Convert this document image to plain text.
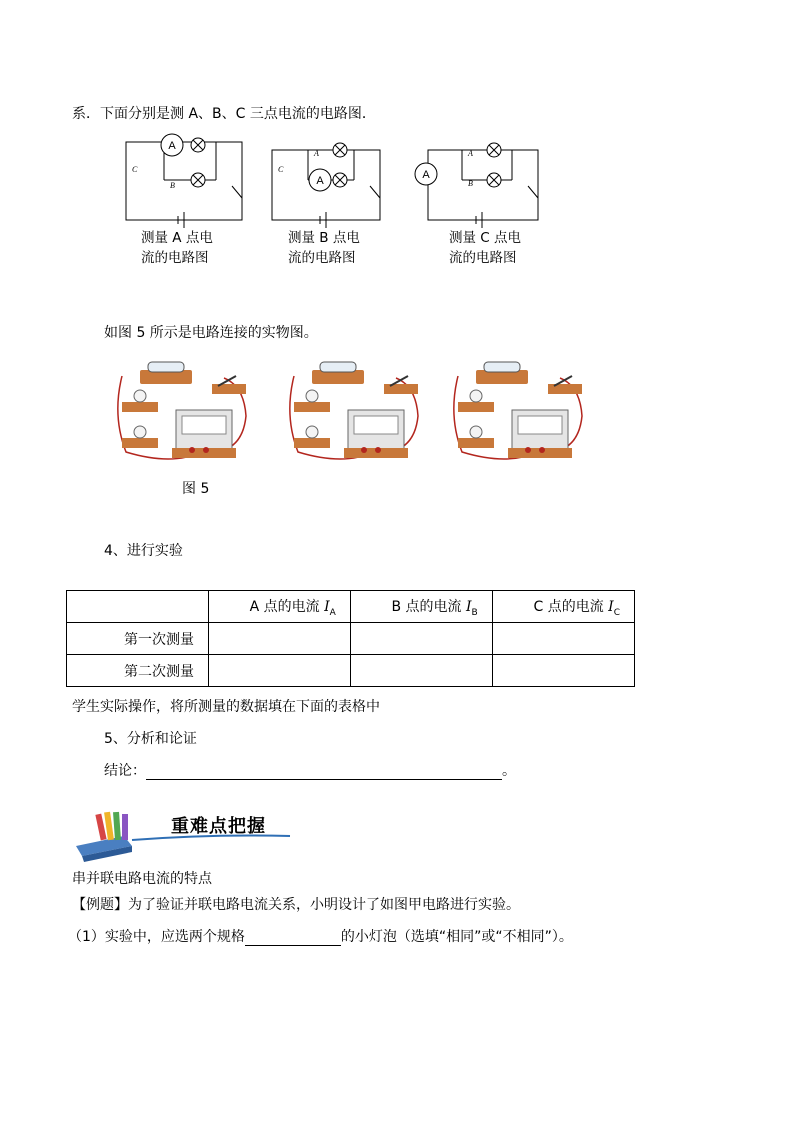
系．下面分别是测 A、B、C 三点电流的电路图．
A
A	A
C
B
C
A	A
B
测量 A 点电
流的电路图
测量 B 点电
流的电路图
测量 C 点电
流的电路图
如图 5 所示是电路连接的实物图。
图 5
4、进行实验
	A 点的电流 $I_A$	B 点的电流 $I_B$	C 点的电流 $I_C$
第一次测量			
第二次测量			
学生实际操作，将所测量的数据填在下面的表格中
5、分析和论证
结论：	。
重难点把握
串并联电路电流的特点
【例题】为了验证并联电路电流关系，小明设计了如图甲电路进行实验。
（1）实验中，应选两个规格	的小灯泡（选填“相同”或“不相同”）。
